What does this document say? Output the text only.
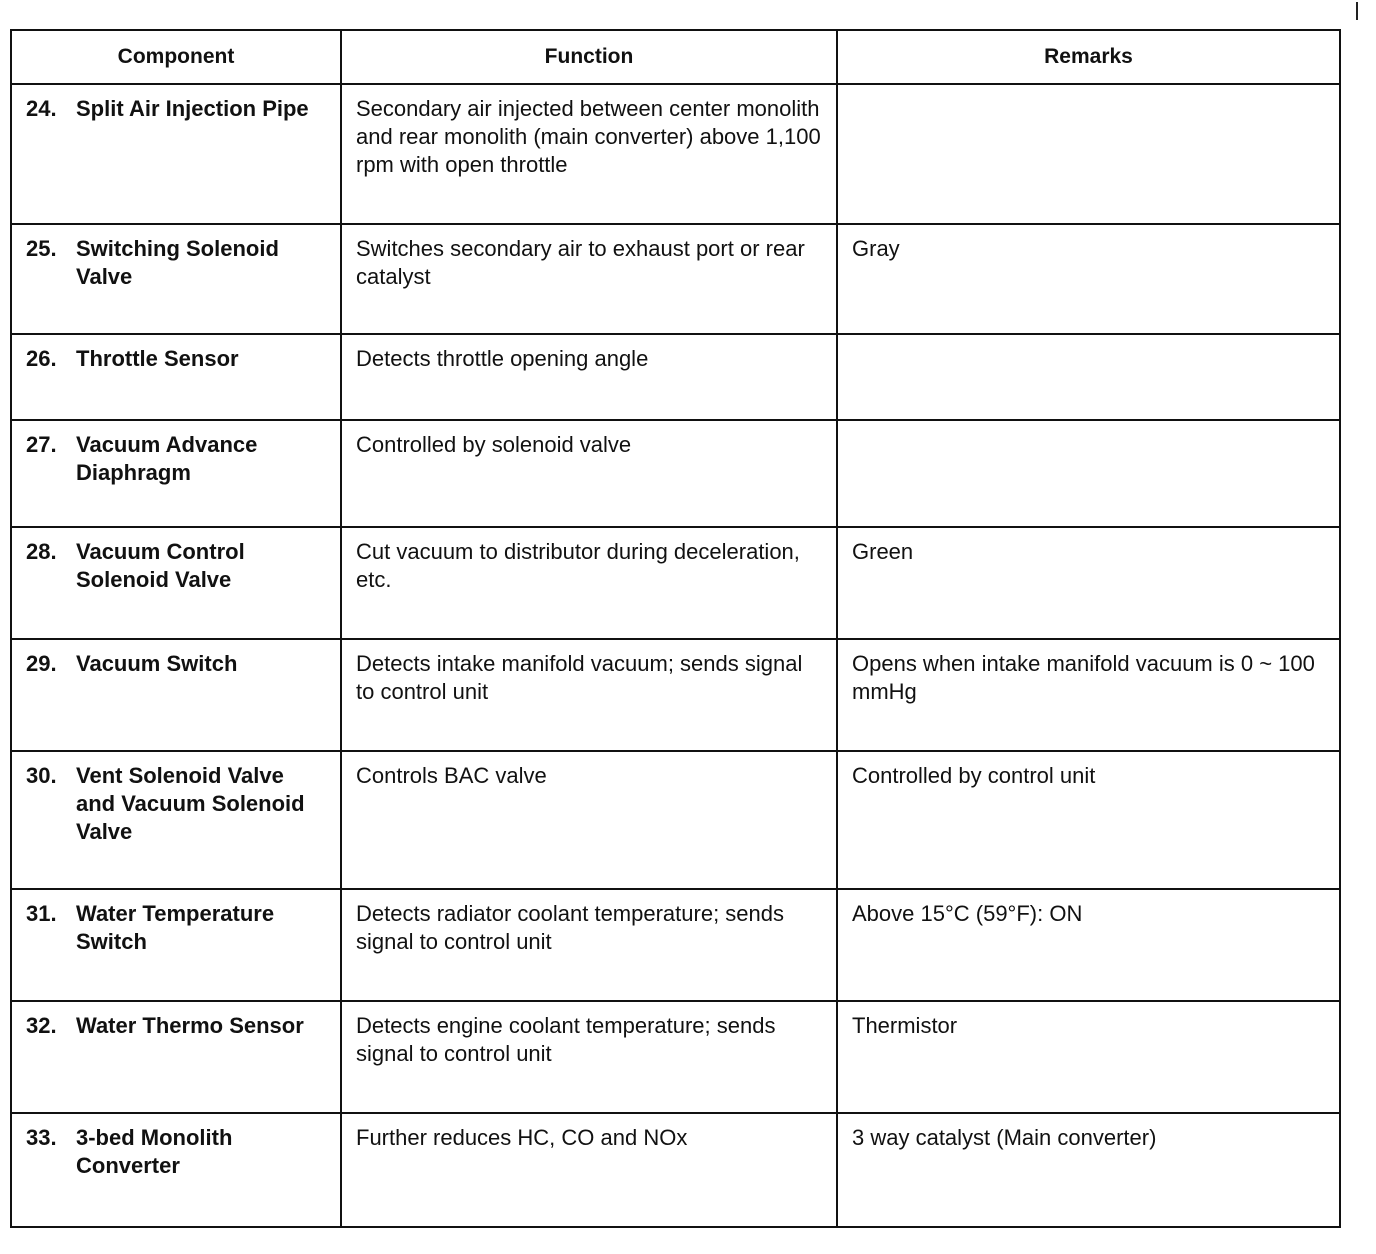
Component	Function	Remarks

24. Split Air Injection Pipe	Secondary air injected between center monolith and rear monolith (main converter) above 1,100 rpm with open throttle	

25. Switching Solenoid Valve	Switches secondary air to exhaust port or rear catalyst	Gray

26. Throttle Sensor	Detects throttle opening angle	

27. Vacuum Advance Diaphragm	Controlled by solenoid valve	

28. Vacuum Control Solenoid Valve	Cut vacuum to distributor during deceleration, etc.	Green

29. Vacuum Switch	Detects intake manifold vacuum; sends signal to control unit	Opens when intake manifold vacuum is 0 ~ 100 mmHg

30. Vent Solenoid Valve and Vacuum Solenoid Valve	Controls BAC valve	Controlled by control unit

31. Water Temperature Switch	Detects radiator coolant temperature; sends signal to control unit	Above 15°C (59°F): ON

32. Water Thermo Sensor	Detects engine coolant temperature; sends signal to control unit	Thermistor

33. 3-bed Monolith Converter	Further reduces HC, CO and NOx	3 way catalyst (Main converter)
